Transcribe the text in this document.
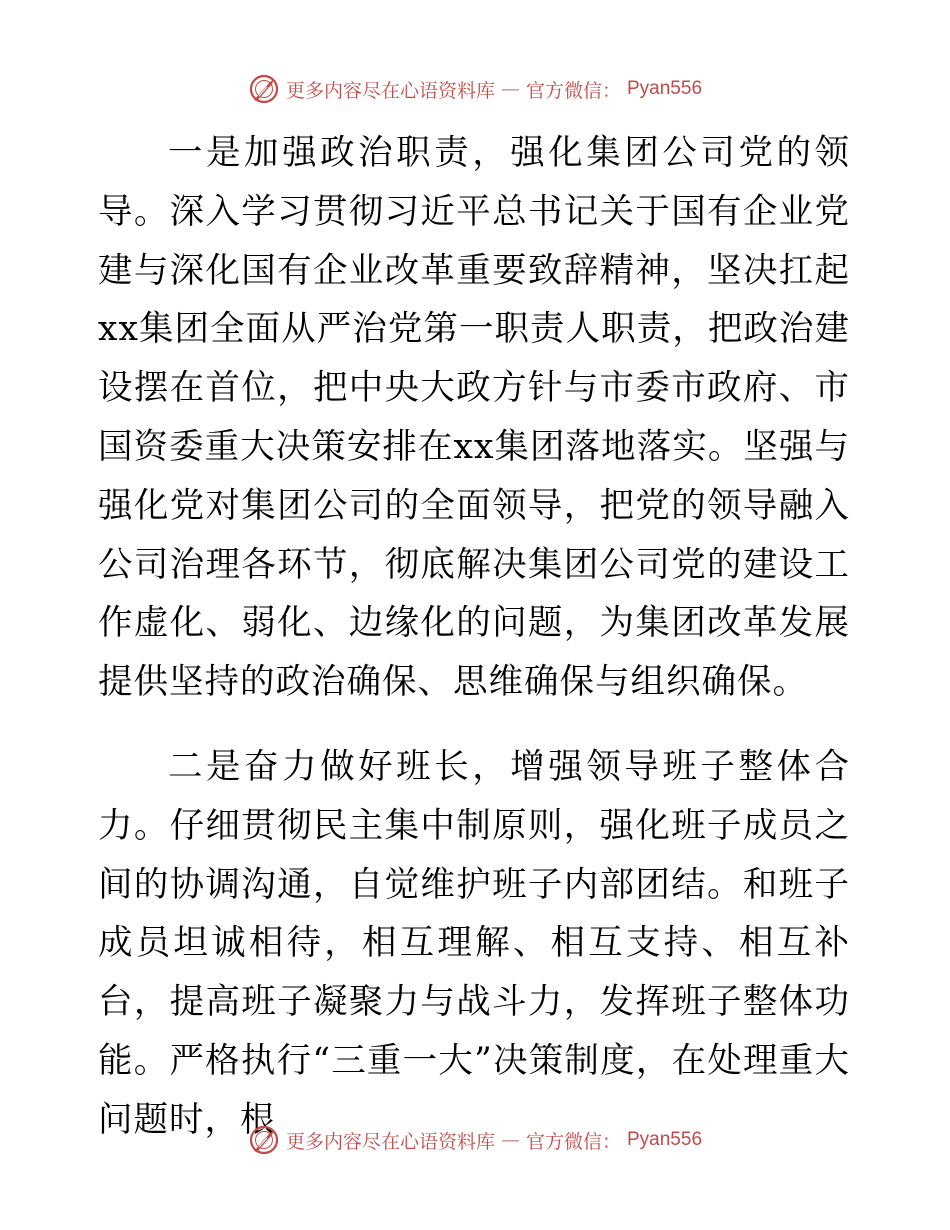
更多内容尽在心语资料库 — 官方微信： Pyan556

一是加强政治职责，强化集团公司党的领导。深入学习贯彻习近平总书记关于国有企业党建与深化国有企业改革重要致辞精神，坚决扛起xx集团全面从严治党第一职责人职责，把政治建设摆在首位，把中央大政方针与市委市政府、市国资委重大决策安排在xx集团落地落实。坚强与强化党对集团公司的全面领导，把党的领导融入公司治理各环节，彻底解决集团公司党的建设工作虚化、弱化、边缘化的问题，为集团改革发展提供坚持的政治确保、思维确保与组织确保。

二是奋力做好班长，增强领导班子整体合力。仔细贯彻民主集中制原则，强化班子成员之间的协调沟通，自觉维护班子内部团结。和班子成员坦诚相待，相互理解、相互支持、相互补台，提高班子凝聚力与战斗力，发挥班子整体功能。严格执行“三重一大”决策制度，在处理重大问题时，根

更多内容尽在心语资料库 — 官方微信： Pyan556
